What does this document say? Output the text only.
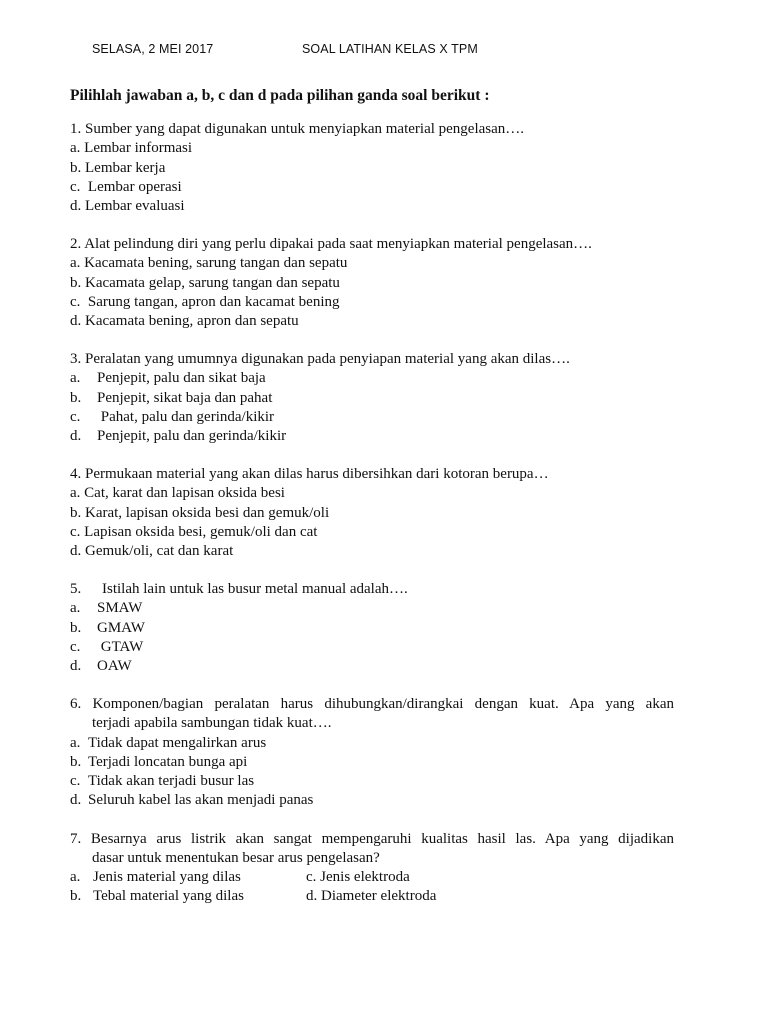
SELASA, 2 MEI 2017	SOAL LATIHAN KELAS X TPM
Pilihlah jawaban a, b, c dan d pada pilihan ganda soal berikut :
1. Sumber yang dapat digunakan untuk menyiapkan material pengelasan….
a. Lembar informasi
b. Lembar kerja
c.  Lembar operasi
d. Lembar evaluasi
2. Alat pelindung diri yang perlu dipakai pada saat menyiapkan material pengelasan….
a. Kacamata bening, sarung tangan dan sepatu
b. Kacamata gelap, sarung tangan dan sepatu
c.  Sarung tangan, apron dan kacamat bening
d. Kacamata bening, apron dan sepatu
3. Peralatan yang umumnya digunakan pada penyiapan material yang akan dilas….
a. Penjepit, palu dan sikat baja
b. Penjepit, sikat baja dan pahat
c. Pahat, palu dan gerinda/kikir
d. Penjepit, palu dan gerinda/kikir
4. Permukaan material yang akan dilas harus dibersihkan dari kotoran berupa…
a. Cat, karat dan lapisan oksida besi
b. Karat, lapisan oksida besi dan gemuk/oli
c. Lapisan oksida besi, gemuk/oli dan cat
d. Gemuk/oli, cat dan karat
5. Istilah lain untuk las busur metal manual adalah….
a. SMAW
b. GMAW
c. GTAW
d. OAW
6. Komponen/bagian peralatan harus dihubungkan/dirangkai dengan kuat. Apa yang akan
terjadi apabila sambungan tidak kuat….
a. Tidak dapat mengalirkan arus
b. Terjadi loncatan bunga api
c. Tidak akan terjadi busur las
d. Seluruh kabel las akan menjadi panas
7. Besarnya arus listrik akan sangat mempengaruhi kualitas hasil las. Apa yang dijadikan
dasar untuk menentukan besar arus pengelasan?
a. Jenis material yang dilas	c. Jenis elektroda
b. Tebal material yang dilas	d. Diameter elektroda
